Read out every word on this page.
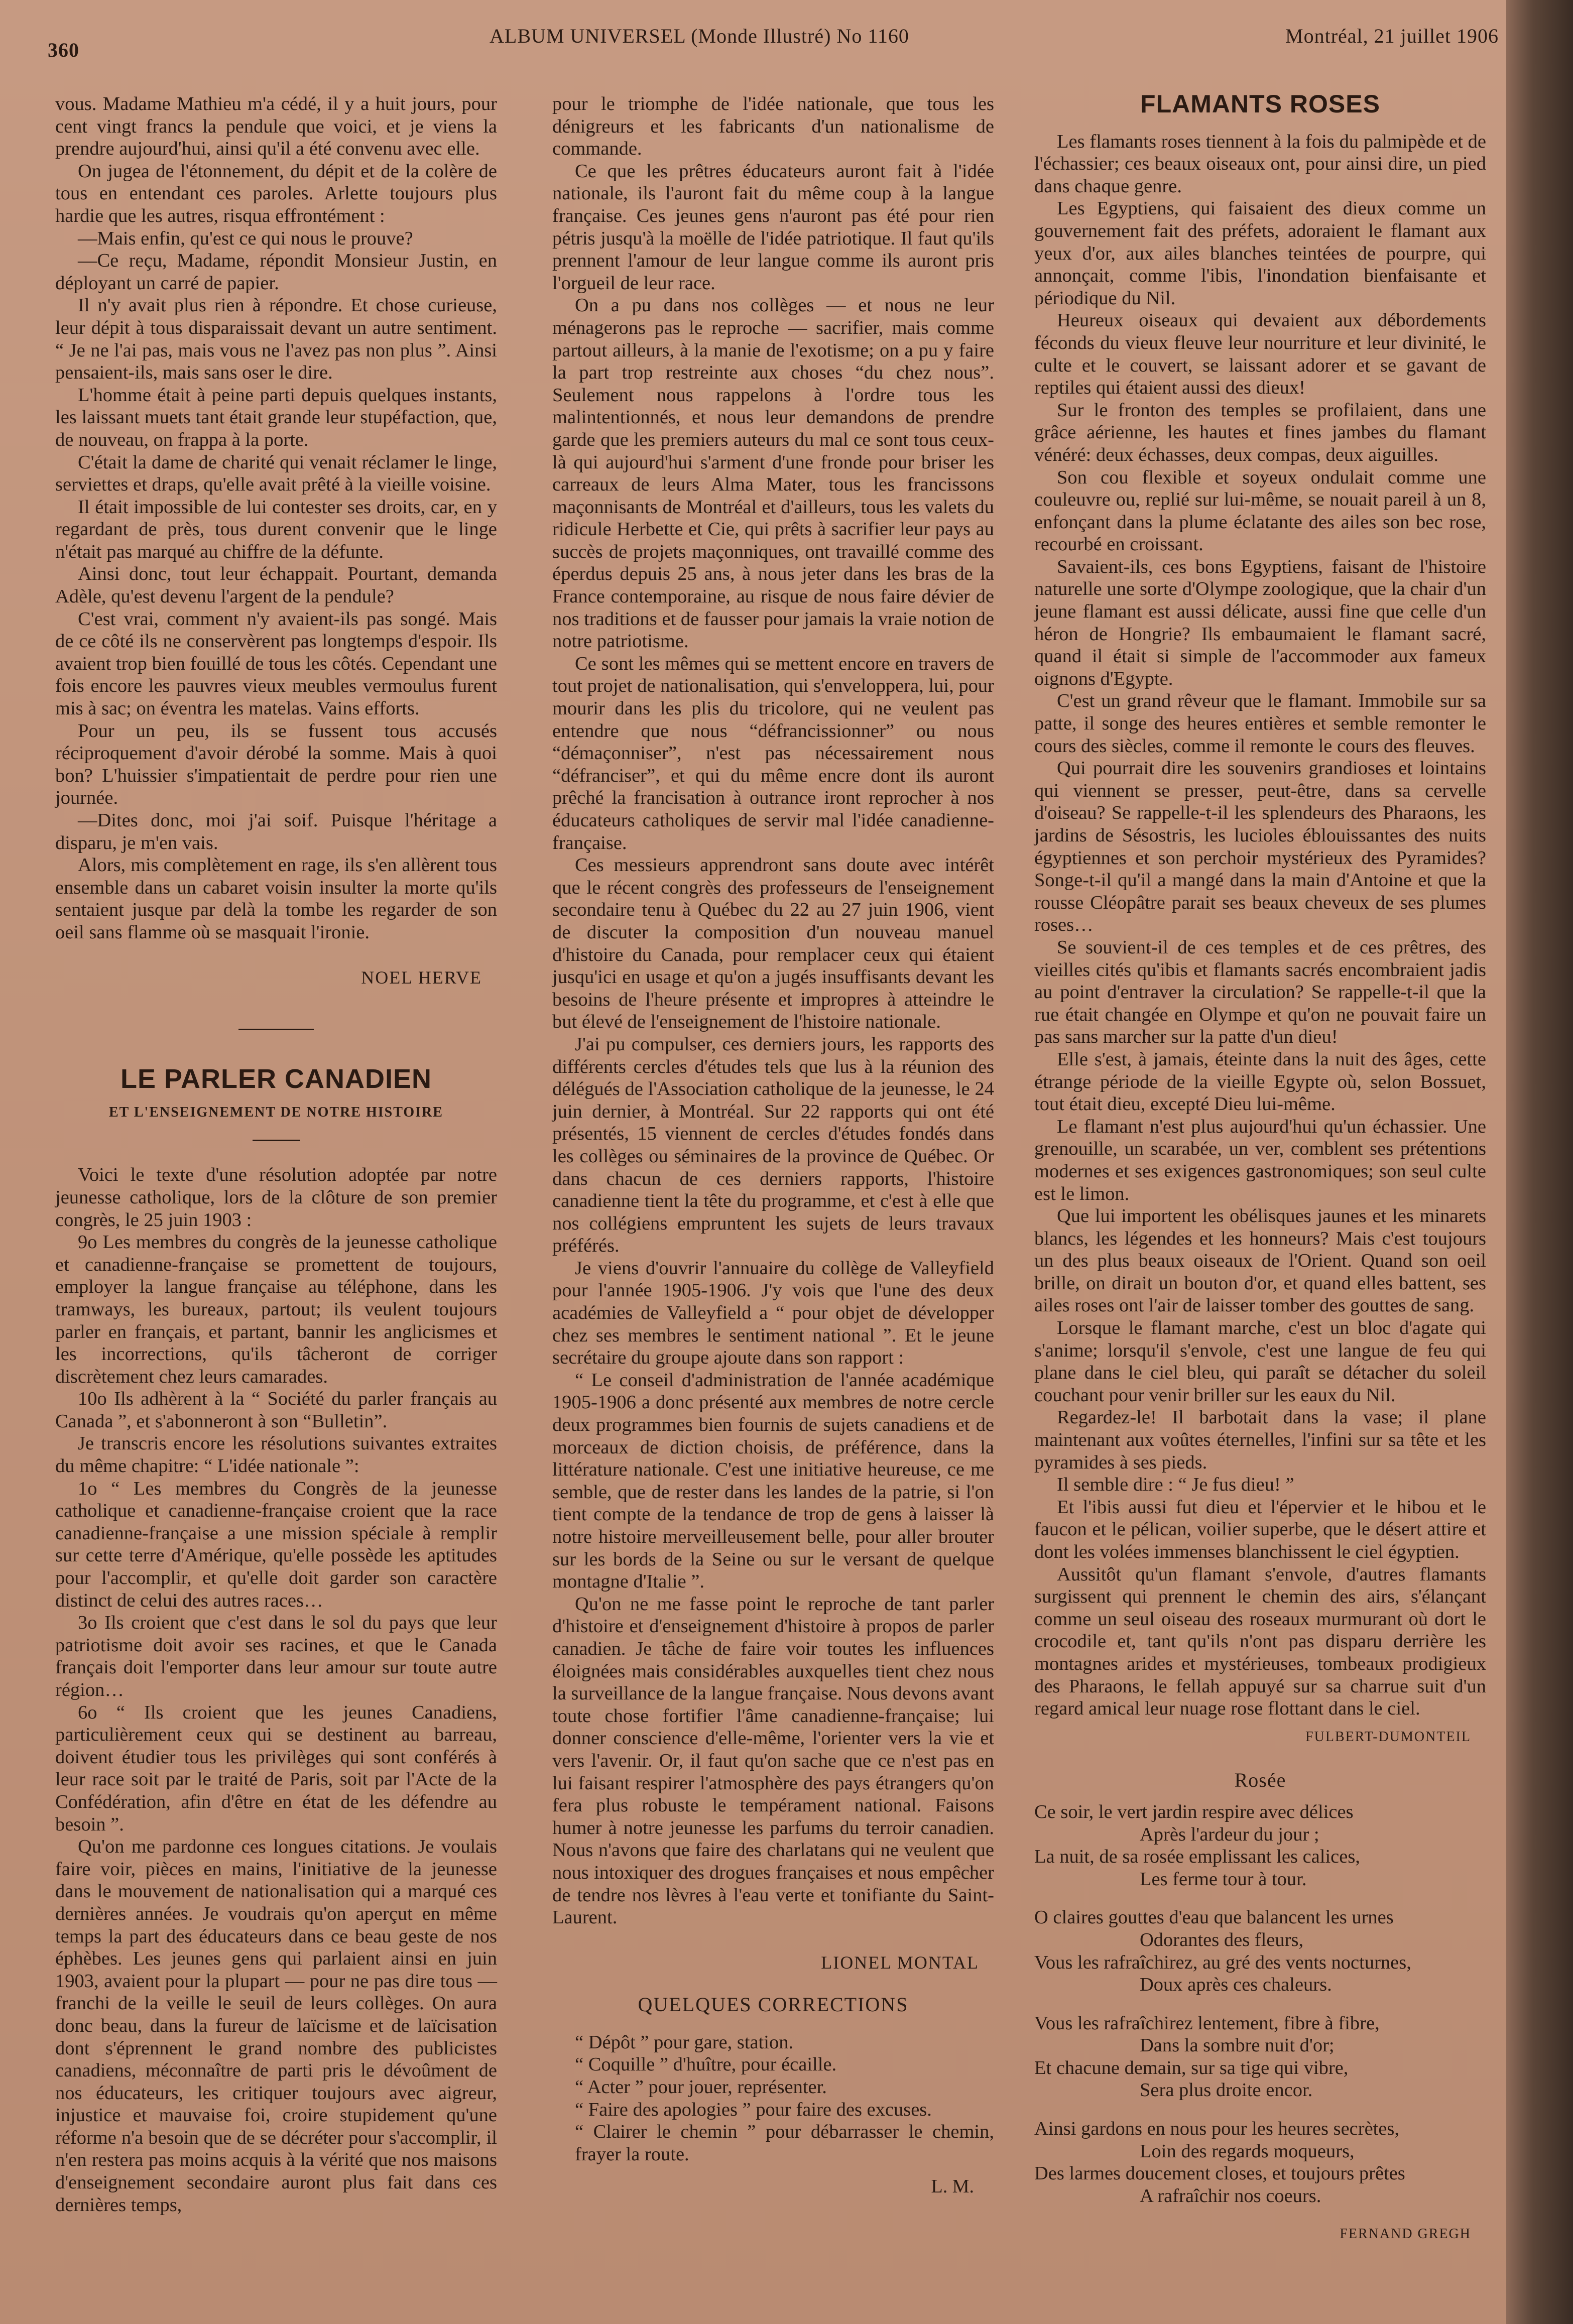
360
ALBUM UNIVERSEL (Monde Illustré) No 1160	Montréal, 21 juillet 1906

vous. Madame Mathieu m'a cédé, il y a huit jours, pour cent vingt francs la pendule que voici, et je viens la prendre aujourd'hui, ainsi qu'il a été convenu avec elle.

On jugea de l'étonnement, du dépit et de la colère de tous en entendant ces paroles. Arlette toujours plus hardie que les autres, risqua effrontément :

—Mais enfin, qu'est ce qui nous le prouve?

—Ce reçu, Madame, répondit Monsieur Justin, en déployant un carré de papier.

Il n'y avait plus rien à répondre. Et chose curieuse, leur dépit à tous disparaissait devant un autre sentiment. “ Je ne l'ai pas, mais vous ne l'avez pas non plus ”. Ainsi pensaient-ils, mais sans oser le dire.

L'homme était à peine parti depuis quelques instants, les laissant muets tant était grande leur stupéfaction, que, de nouveau, on frappa à la porte.

C'était la dame de charité qui venait réclamer le linge, serviettes et draps, qu'elle avait prêté à la vieille voisine.

Il était impossible de lui contester ses droits, car, en y regardant de près, tous durent convenir que le linge n'était pas marqué au chiffre de la défunte.

Ainsi donc, tout leur échappait. Pourtant, demanda Adèle, qu'est devenu l'argent de la pendule?

C'est vrai, comment n'y avaient-ils pas songé. Mais de ce côté ils ne conservèrent pas longtemps d'espoir. Ils avaient trop bien fouillé de tous les côtés. Cependant une fois encore les pauvres vieux meubles vermoulus furent mis à sac; on éventra les matelas. Vains efforts.

Pour un peu, ils se fussent tous accusés réciproquement d'avoir dérobé la somme. Mais à quoi bon? L'huissier s'impatientait de perdre pour rien une journée.

—Dites donc, moi j'ai soif. Puisque l'héritage a disparu, je m'en vais.

Alors, mis complètement en rage, ils s'en allèrent tous ensemble dans un cabaret voisin insulter la morte qu'ils sentaient jusque par delà la tombe les regarder de son oeil sans flamme où se masquait l'ironie.

NOEL HERVE
LE PARLER CANADIEN
ET L'ENSEIGNEMENT DE NOTRE HISTOIRE

Voici le texte d'une résolution adoptée par notre jeunesse catholique, lors de la clôture de son premier congrès, le 25 juin 1903 :

9o Les membres du congrès de la jeunesse catholique et canadienne-française se promettent de toujours, employer la langue française au téléphone, dans les tramways, les bureaux, partout; ils veulent toujours parler en français, et partant, bannir les anglicismes et les incorrections, qu'ils tâcheront de corriger discrètement chez leurs camarades.

10o Ils adhèrent à la “ Société du parler français au Canada ”, et s'abonneront à son “Bulletin”.

Je transcris encore les résolutions suivantes extraites du même chapitre: “ L'idée nationale ”:

1o “ Les membres du Congrès de la jeunesse catholique et canadienne-française croient que la race canadienne-française a une mission spéciale à remplir sur cette terre d'Amérique, qu'elle possède les aptitudes pour l'accomplir, et qu'elle doit garder son caractère distinct de celui des autres races…

3o Ils croient que c'est dans le sol du pays que leur patriotisme doit avoir ses racines, et que le Canada français doit l'emporter dans leur amour sur toute autre région…

6o “ Ils croient que les jeunes Canadiens, particulièrement ceux qui se destinent au barreau, doivent étudier tous les privilèges qui sont conférés à leur race soit par le traité de Paris, soit par l'Acte de la Confédération, afin d'être en état de les défendre au besoin ”.

Qu'on me pardonne ces longues citations. Je voulais faire voir, pièces en mains, l'initiative de la jeunesse dans le mouvement de nationalisation qui a marqué ces dernières années. Je voudrais qu'on aperçut en même temps la part des éducateurs dans ce beau geste de nos éphèbes. Les jeunes gens qui parlaient ainsi en juin 1903, avaient pour la plupart — pour ne pas dire tous — franchi de la veille le seuil de leurs collèges. On aura donc beau, dans la fureur de laïcisme et de laïcisation dont s'éprennent le grand nombre des publicistes canadiens, méconnaître de parti pris le dévoûment de nos éducateurs, les critiquer toujours avec aigreur, injustice et mauvaise foi, croire stupidement qu'une réforme n'a besoin que de se décréter pour s'accomplir, il n'en restera pas moins acquis à la vérité que nos maisons d'enseignement secondaire auront plus fait dans ces dernières temps,

pour le triomphe de l'idée nationale, que tous les dénigreurs et les fabricants d'un nationalisme de commande.

Ce que les prêtres éducateurs auront fait à l'idée nationale, ils l'auront fait du même coup à la langue française. Ces jeunes gens n'auront pas été pour rien pétris jusqu'à la moëlle de l'idée patriotique. Il faut qu'ils prennent l'amour de leur langue comme ils auront pris l'orgueil de leur race.

On a pu dans nos collèges — et nous ne leur ménagerons pas le reproche — sacrifier, mais comme partout ailleurs, à la manie de l'exotisme; on a pu y faire la part trop restreinte aux choses “du chez nous”. Seulement nous rappelons à l'ordre tous les malintentionnés, et nous leur demandons de prendre garde que les premiers auteurs du mal ce sont tous ceux-là qui aujourd'hui s'arment d'une fronde pour briser les carreaux de leurs Alma Mater, tous les francissons maçonnisants de Montréal et d'ailleurs, tous les valets du ridicule Herbette et Cie, qui prêts à sacrifier leur pays au succès de projets maçonniques, ont travaillé comme des éperdus depuis 25 ans, à nous jeter dans les bras de la France contemporaine, au risque de nous faire dévier de nos traditions et de fausser pour jamais la vraie notion de notre patriotisme.

Ce sont les mêmes qui se mettent encore en travers de tout projet de nationalisation, qui s'enveloppera, lui, pour mourir dans les plis du tricolore, qui ne veulent pas entendre que nous “défrancissionner” ou nous “démaçonniser”, n'est pas nécessairement nous “défranciser”, et qui du même encre dont ils auront prêché la francisation à outrance iront reprocher à nos éducateurs catholiques de servir mal l'idée canadienne-française.

Ces messieurs apprendront sans doute avec intérêt que le récent congrès des professeurs de l'enseignement secondaire tenu à Québec du 22 au 27 juin 1906, vient de discuter la composition d'un nouveau manuel d'histoire du Canada, pour remplacer ceux qui étaient jusqu'ici en usage et qu'on a jugés insuffisants devant les besoins de l'heure présente et impropres à atteindre le but élevé de l'enseignement de l'histoire nationale.

J'ai pu compulser, ces derniers jours, les rapports des différents cercles d'études tels que lus à la réunion des délégués de l'Association catholique de la jeunesse, le 24 juin dernier, à Montréal. Sur 22 rapports qui ont été présentés, 15 viennent de cercles d'études fondés dans les collèges ou séminaires de la province de Québec. Or dans chacun de ces derniers rapports, l'histoire canadienne tient la tête du programme, et c'est à elle que nos collégiens empruntent les sujets de leurs travaux préférés.

Je viens d'ouvrir l'annuaire du collège de Valleyfield pour l'année 1905-1906. J'y vois que l'une des deux académies de Valleyfield a “ pour objet de développer chez ses membres le sentiment national ”. Et le jeune secrétaire du groupe ajoute dans son rapport :

“ Le conseil d'administration de l'année académique 1905-1906 a donc présenté aux membres de notre cercle deux programmes bien fournis de sujets canadiens et de morceaux de diction choisis, de préférence, dans la littérature nationale. C'est une initiative heureuse, ce me semble, que de rester dans les landes de la patrie, si l'on tient compte de la tendance de trop de gens à laisser là notre histoire merveilleusement belle, pour aller brouter sur les bords de la Seine ou sur le versant de quelque montagne d'Italie ”.

Qu'on ne me fasse point le reproche de tant parler d'histoire et d'enseignement d'histoire à propos de parler canadien. Je tâche de faire voir toutes les influences éloignées mais considérables auxquelles tient chez nous la surveillance de la langue française. Nous devons avant toute chose fortifier l'âme canadienne-française; lui donner conscience d'elle-même, l'orienter vers la vie et vers l'avenir. Or, il faut qu'on sache que ce n'est pas en lui faisant respirer l'atmosphère des pays étrangers qu'on fera plus robuste le tempérament national. Faisons humer à notre jeunesse les parfums du terroir canadien. Nous n'avons que faire des charlatans qui ne veulent que nous intoxiquer des drogues françaises et nous empêcher de tendre nos lèvres à l'eau verte et tonifiante du Saint-Laurent.

LIONEL MONTAL
QUELQUES CORRECTIONS
“ Dépôt ” pour gare, station.
“ Coquille ” d'huître, pour écaille.
“ Acter ” pour jouer, représenter.
“ Faire des apologies ” pour faire des excuses.
“ Clairer le chemin ” pour débarrasser le chemin, frayer la route.
L. M.
FLAMANTS ROSES

Les flamants roses tiennent à la fois du palmipède et de l'échassier; ces beaux oiseaux ont, pour ainsi dire, un pied dans chaque genre.

Les Egyptiens, qui faisaient des dieux comme un gouvernement fait des préfets, adoraient le flamant aux yeux d'or, aux ailes blanches teintées de pourpre, qui annonçait, comme l'ibis, l'inondation bienfaisante et périodique du Nil.

Heureux oiseaux qui devaient aux débordements féconds du vieux fleuve leur nourriture et leur divinité, le culte et le couvert, se laissant adorer et se gavant de reptiles qui étaient aussi des dieux!

Sur le fronton des temples se profilaient, dans une grâce aérienne, les hautes et fines jambes du flamant vénéré: deux échasses, deux compas, deux aiguilles.

Son cou flexible et soyeux ondulait comme une couleuvre ou, replié sur lui-même, se nouait pareil à un 8, enfonçant dans la plume éclatante des ailes son bec rose, recourbé en croissant.

Savaient-ils, ces bons Egyptiens, faisant de l'histoire naturelle une sorte d'Olympe zoologique, que la chair d'un jeune flamant est aussi délicate, aussi fine que celle d'un héron de Hongrie? Ils embaumaient le flamant sacré, quand il était si simple de l'accommoder aux fameux oignons d'Egypte.

C'est un grand rêveur que le flamant. Immobile sur sa patte, il songe des heures entières et semble remonter le cours des siècles, comme il remonte le cours des fleuves.

Qui pourrait dire les souvenirs grandioses et lointains qui viennent se presser, peut-être, dans sa cervelle d'oiseau? Se rappelle-t-il les splendeurs des Pharaons, les jardins de Sésostris, les lucioles éblouissantes des nuits égyptiennes et son perchoir mystérieux des Pyramides? Songe-t-il qu'il a mangé dans la main d'Antoine et que la rousse Cléopâtre parait ses beaux cheveux de ses plumes roses…

Se souvient-il de ces temples et de ces prêtres, des vieilles cités qu'ibis et flamants sacrés encombraient jadis au point d'entraver la circulation? Se rappelle-t-il que la rue était changée en Olympe et qu'on ne pouvait faire un pas sans marcher sur la patte d'un dieu!

Elle s'est, à jamais, éteinte dans la nuit des âges, cette étrange période de la vieille Egypte où, selon Bossuet, tout était dieu, excepté Dieu lui-même.

Le flamant n'est plus aujourd'hui qu'un échassier. Une grenouille, un scarabée, un ver, comblent ses prétentions modernes et ses exigences gastronomiques; son seul culte est le limon.

Que lui importent les obélisques jaunes et les minarets blancs, les légendes et les honneurs? Mais c'est toujours un des plus beaux oiseaux de l'Orient. Quand son oeil brille, on dirait un bouton d'or, et quand elles battent, ses ailes roses ont l'air de laisser tomber des gouttes de sang.

Lorsque le flamant marche, c'est un bloc d'agate qui s'anime; lorsqu'il s'envole, c'est une langue de feu qui plane dans le ciel bleu, qui paraît se détacher du soleil couchant pour venir briller sur les eaux du Nil.

Regardez-le! Il barbotait dans la vase; il plane maintenant aux voûtes éternelles, l'infini sur sa tête et les pyramides à ses pieds.

Il semble dire : “ Je fus dieu! ”

Et l'ibis aussi fut dieu et l'épervier et le hibou et le faucon et le pélican, voilier superbe, que le désert attire et dont les volées immenses blanchissent le ciel égyptien.

Aussitôt qu'un flamant s'envole, d'autres flamants surgissent qui prennent le chemin des airs, s'élançant comme un seul oiseau des roseaux murmurant où dort le crocodile et, tant qu'ils n'ont pas disparu derrière les montagnes arides et mystérieuses, tombeaux prodigieux des Pharaons, le fellah appuyé sur sa charrue suit d'un regard amical leur nuage rose flottant dans le ciel.

FULBERT-DUMONTEIL
Rosée
Ce soir, le vert jardin respire avec délices
Après l'ardeur du jour ;
La nuit, de sa rosée emplissant les calices,
Les ferme tour à tour.
O claires gouttes d'eau que balancent les urnes
Odorantes des fleurs,
Vous les rafraîchirez, au gré des vents nocturnes,
Doux après ces chaleurs.
Vous les rafraîchirez lentement, fibre à fibre,
Dans la sombre nuit d'or;
Et chacune demain, sur sa tige qui vibre,
Sera plus droite encor.
Ainsi gardons en nous pour les heures secrètes,
Loin des regards moqueurs,
Des larmes doucement closes, et toujours prêtes
A rafraîchir nos coeurs.
FERNAND GREGH
